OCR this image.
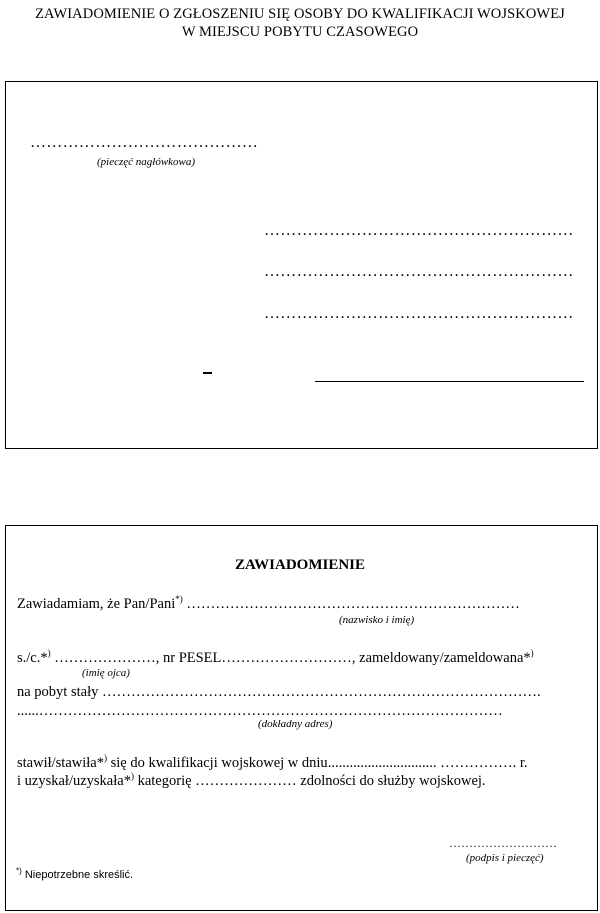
ZAWIADOMIENIE O ZGŁOSZENIU SIĘ OSOBY DO KWALIFIKACJI WOJSKOWEJ
W MIEJSCU POBYTU CZASOWEGO
……………………………………
(pieczęć nagłówkowa)
…………………………………………………
…………………………………………………
…………………………………………………
ZAWIADOMIENIE
Zawiadamiam, że Pan/Pani*) ……………………………………………………………
(nazwisko i imię)
s./c.*) …………………, nr PESEL………………………, zameldowany/zameldowana*)
(imię ojca)
na pobyt stały ……………………………………………………………………………….
......……………………………………………………………………………………
(dokładny adres)
stawił/stawiła*) się do kwalifikacji wojskowej w dniu.............................. ……………. r.
i uzyskał/uzyskała*) kategorię ………………… zdolności do służby wojskowej.
………………………
(podpis i pieczęć)
*) Niepotrzebne skreślić.
